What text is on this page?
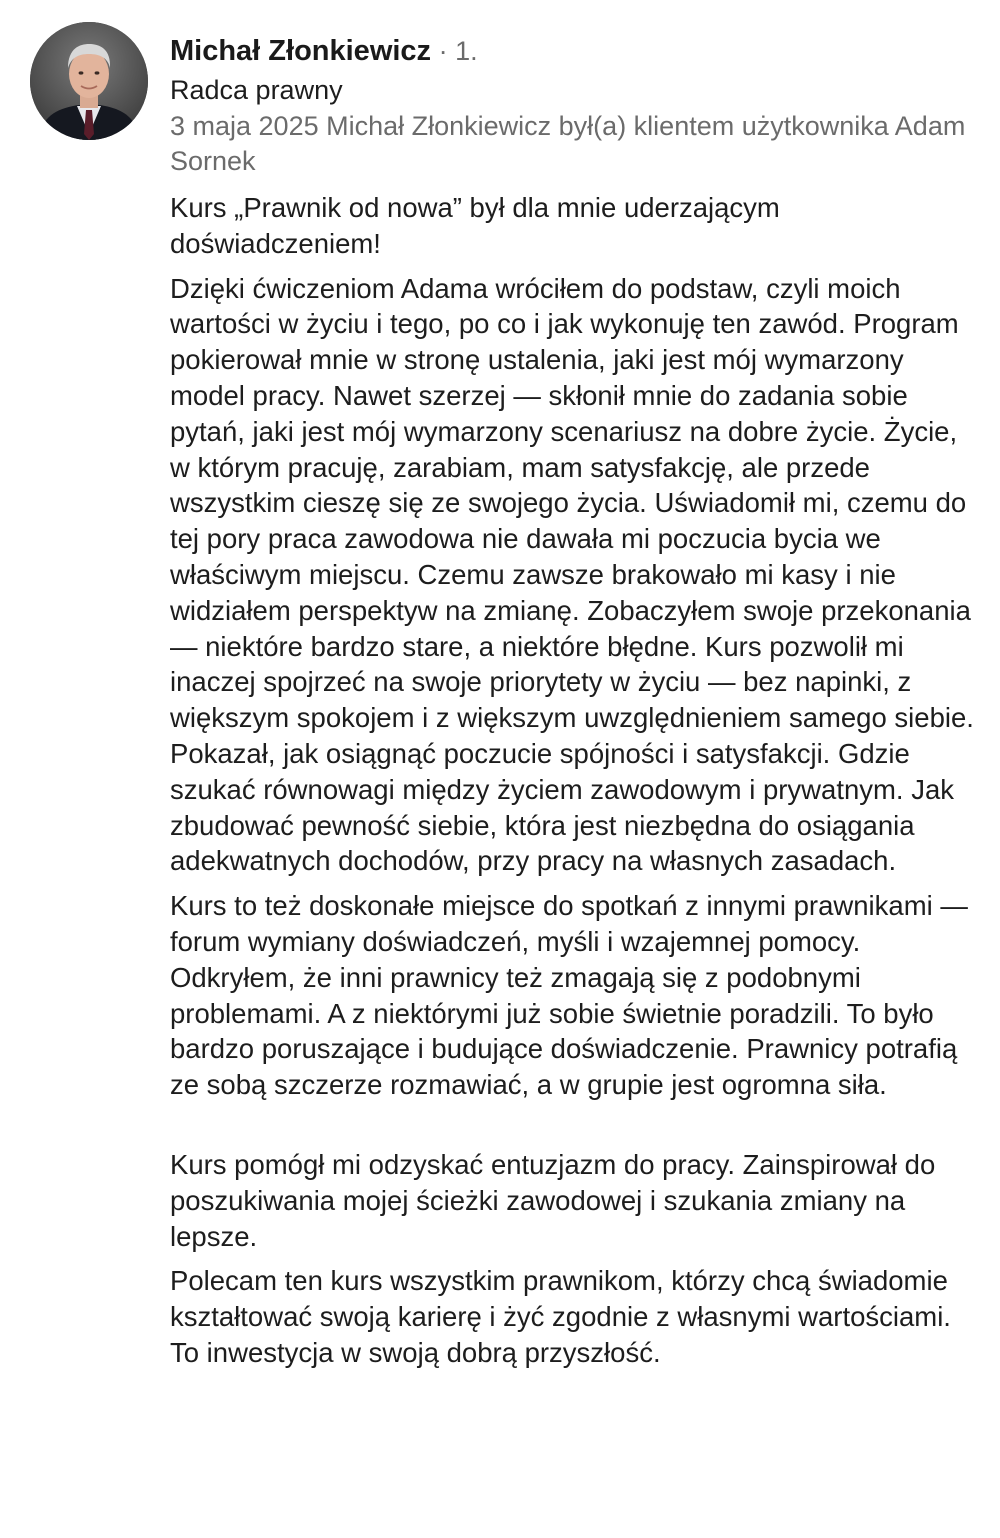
Michał Złonkiewicz · 1.
Radca prawny
3 maja 2025 Michał Złonkiewicz był(a) klientem użytkownika Adam Sornek

Kurs „Prawnik od nowa” był dla mnie uderzającym doświadczeniem!

Dzięki ćwiczeniom Adama wróciłem do podstaw, czyli moich wartości w życiu i tego, po co i jak wykonuję ten zawód. Program pokierował mnie w stronę ustalenia, jaki jest mój wymarzony model pracy. Nawet szerzej — skłonił mnie do zadania sobie pytań, jaki jest mój wymarzony scenariusz na dobre życie. Życie, w którym pracuję, zarabiam, mam satysfakcję, ale przede wszystkim cieszę się ze swojego życia. Uświadomił mi, czemu do tej pory praca zawodowa nie dawała mi poczucia bycia we właściwym miejscu. Czemu zawsze brakowało mi kasy i nie widziałem perspektyw na zmianę. Zobaczyłem swoje przekonania — niektóre bardzo stare, a niektóre błędne. Kurs pozwolił mi inaczej spojrzeć na swoje priorytety w życiu — bez napinki, z większym spokojem i z większym uwzględnieniem samego siebie. Pokazał, jak osiągnąć poczucie spójności i satysfakcji. Gdzie szukać równowagi między życiem zawodowym i prywatnym. Jak zbudować pewność siebie, która jest niezbędna do osiągania adekwatnych dochodów, przy pracy na własnych zasadach.

Kurs to też doskonałe miejsce do spotkań z innymi prawnikami — forum wymiany doświadczeń, myśli i wzajemnej pomocy. Odkryłem, że inni prawnicy też zmagają się z podobnymi problemami. A z niektórymi już sobie świetnie poradzili. To było bardzo poruszające i budujące doświadczenie. Prawnicy potrafią ze sobą szczerze rozmawiać, a w grupie jest ogromna siła.

Kurs pomógł mi odzyskać entuzjazm do pracy. Zainspirował do poszukiwania mojej ścieżki zawodowej i szukania zmiany na lepsze.

Polecam ten kurs wszystkim prawnikom, którzy chcą świadomie kształtować swoją karierę i żyć zgodnie z własnymi wartościami. To inwestycja w swoją dobrą przyszłość.
